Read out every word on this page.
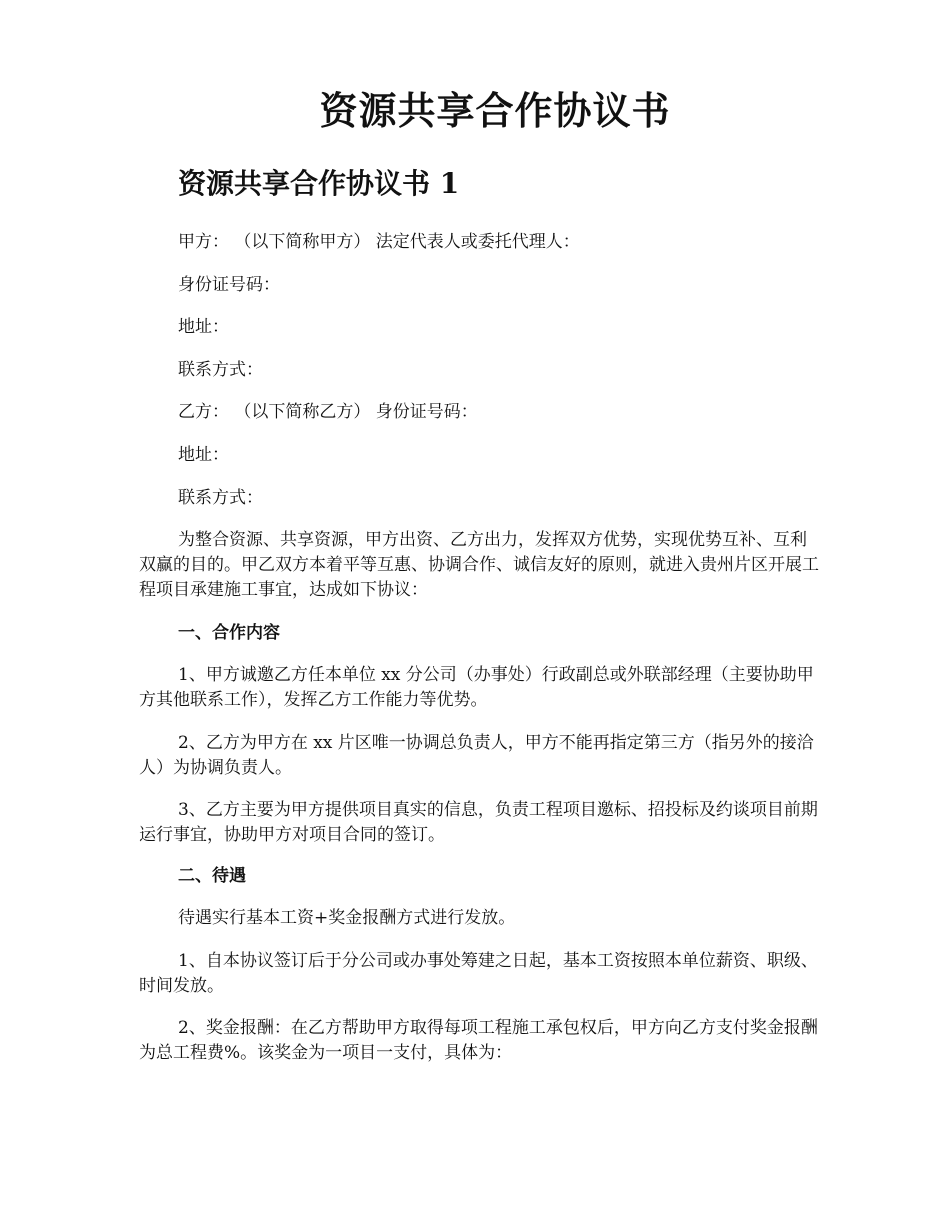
资源共享合作协议书
资源共享合作协议书 1

甲方： （以下简称甲方） 法定代表人或委托代理人：

身份证号码：

地址：

联系方式：

乙方： （以下简称乙方） 身份证号码：

地址：

联系方式：

为整合资源、共享资源，甲方出资、乙方出力，发挥双方优势，实现优势互补、互利双赢的目的。甲乙双方本着平等互惠、协调合作、诚信友好的原则，就进入贵州片区开展工程项目承建施工事宜，达成如下协议：

一、合作内容

1、甲方诚邀乙方任本单位 xx 分公司（办事处）行政副总或外联部经理（主要协助甲方其他联系工作），发挥乙方工作能力等优势。

2、乙方为甲方在 xx 片区唯一协调总负责人，甲方不能再指定第三方（指另外的接洽人）为协调负责人。

3、乙方主要为甲方提供项目真实的信息，负责工程项目邀标、招投标及约谈项目前期运行事宜，协助甲方对项目合同的签订。

二、待遇

待遇实行基本工资+奖金报酬方式进行发放。

1、自本协议签订后于分公司或办事处筹建之日起，基本工资按照本单位薪资、职级、时间发放。

2、奖金报酬：在乙方帮助甲方取得每项工程施工承包权后，甲方向乙方支付奖金报酬为总工程费%。该奖金为一项目一支付，具体为：
